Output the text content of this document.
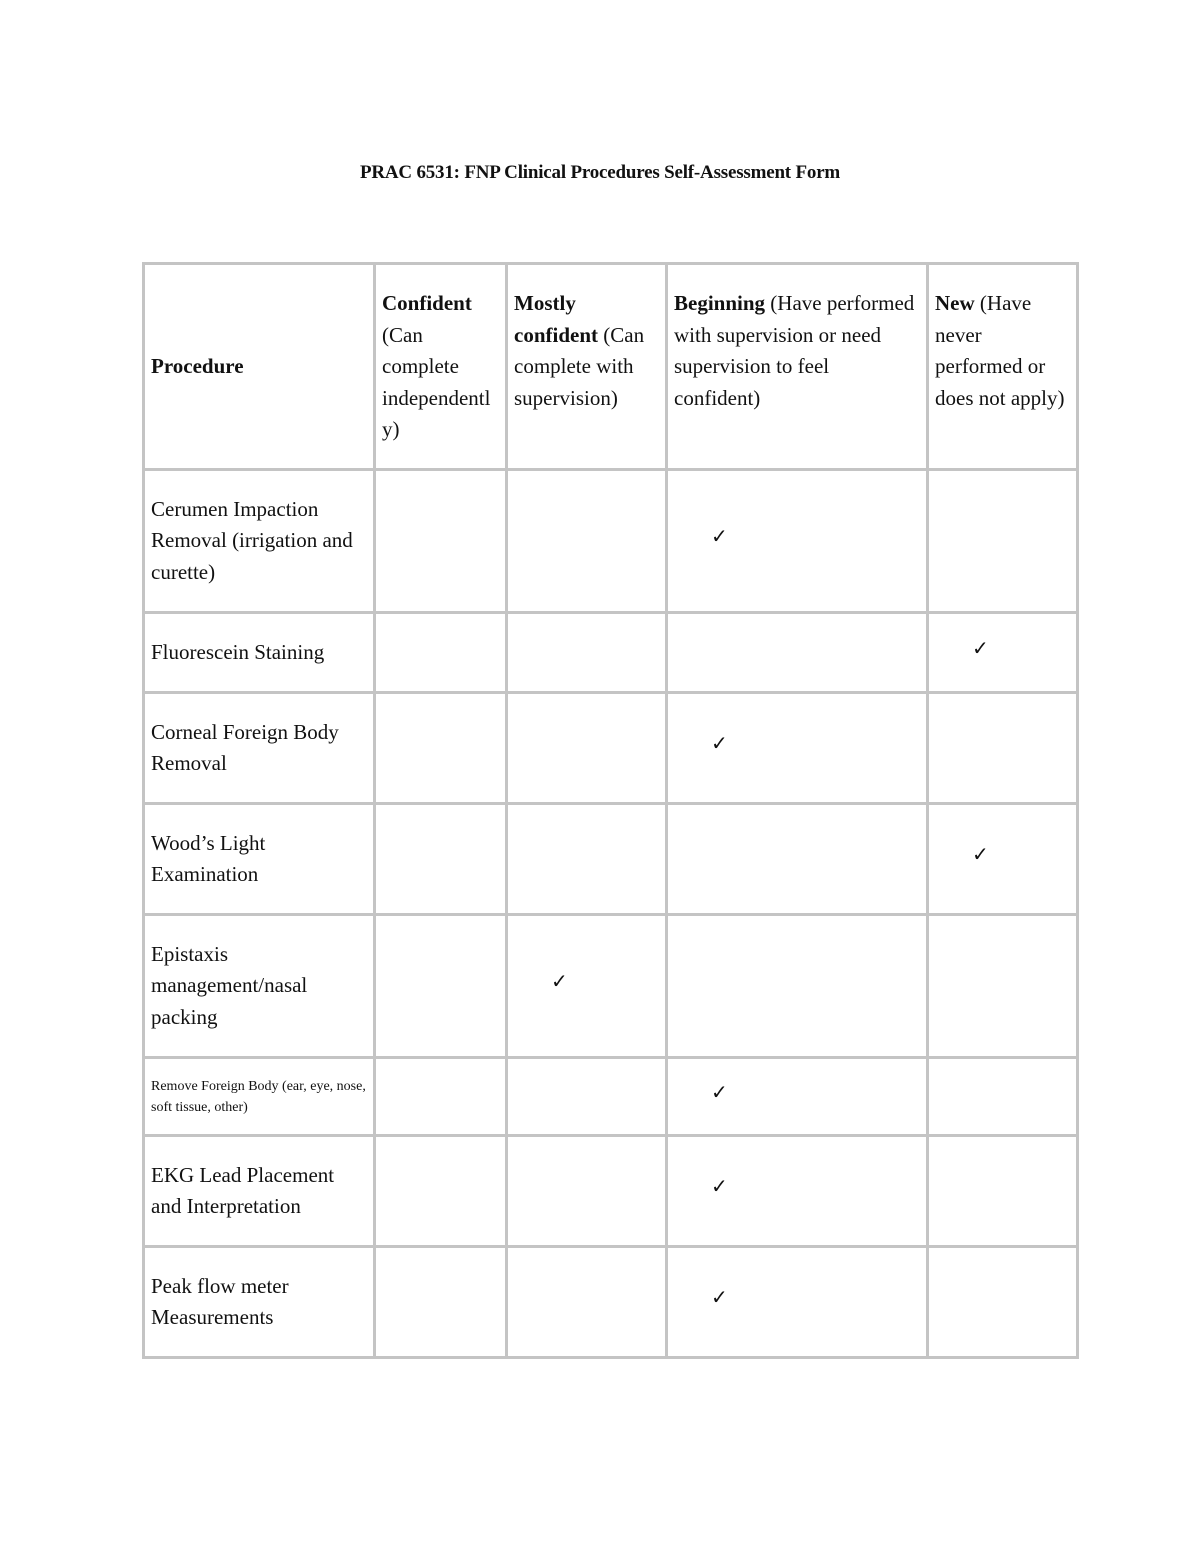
PRAC 6531: FNP Clinical Procedures Self-Assessment Form
Procedure	Confident (Can complete independently)	Mostly confident (Can complete with supervision)	Beginning (Have performed with supervision or need supervision to feel confident)	New (Have never performed or does not apply)
Cerumen Impaction Removal (irrigation and curette)			✓	
Fluorescein Staining				✓
Corneal Foreign Body Removal			✓	
Wood’s Light Examination				✓
Epistaxis management/nasal packing		✓		
Remove Foreign Body (ear, eye, nose, soft tissue, other)			✓	
EKG Lead Placement and Interpretation			✓	
Peak flow meter Measurements			✓	
